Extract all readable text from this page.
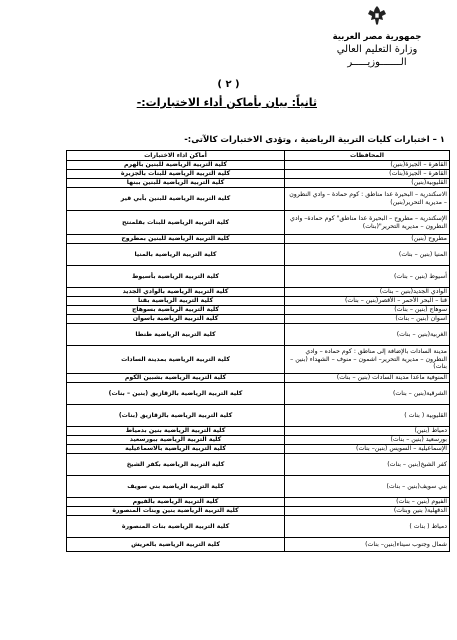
جمهورية مصر العربية
وزارة التعليم العالي
الـــــــوزيـــــر
( ٢ )
ثانياً: بيان بأماكن أداء الاختبارات:-
١ – اختبارات كليات التربية الرياضية ، وتؤدى الاختبارات كالآتى:-
المحافظات	أماكن اداء الاختبارات
القاهرة – الجيزة(بنين)	كلية التربية الرياضية للبنين بالهرم
القاهرة – الجيزة(بنات)	كلية التربية الرياضية للبنات بالجزيرة
القليوبية(بنين)	كلية التربية الرياضية للبنين ببنها
الاسكندرية – البحيرة عدا مناطق : كوم حمادة – وادي النطرون – مديرية التحرير(بنين)	كلية التربية الرياضية للبنين بأبي قير
الإسكندرية – مطروح – البحيرة عدا مناطق" كوم حمادة– وادي النطرون – مديرية التحرير"(بنات)	كلية التربية الرياضية للبنات بقلمنتح
مطروح (بنين)	كلية التربية الرياضية للبنين بمطروح
المنيا (بنين – بنات)	كلية التربية الرياضية بالمنيا
أسيوط (بنين – بنات)	كلية التربية الرياضية بأسيوط
الوادي الجديد(بنين – بنات)	كلية التربية الرياضية بالوادي الجديد
قنا – البحر الأحمر – الأقصر(بنين – بنات)	كلية التربية الرياضية بقنا
سوهاج (بنين – بنات)	كلية التربية الرياضية بسوهاج
اسوان (بنين – بنات)	كلية التربية الرياضية باسوان
الغربية(بنين – بنات)	كلية التربية الرياضية طنطا
مدينة السادات بالإضافة إلى مناطق : كوم حماده – وادي النطرون – مديرية التحرير– اشمون – منوف – الشهداء (بنين – بنات)	كلية التربية الرياضية بمدينة السادات
المنوفية ماعدا مدينة السادات (بنين – بنات)	كلية التربية الرياضية بشبين الكوم
الشرقية(بنين – بنات)	كلية التربية الرياضية بالزقازيق (بنين – بنات)
القليوبية ( بنات )	كلية التربية الرياضية بالزقازيق (بنات)
دمياط (بنين)	كلية التربية الرياضية بنين بدمياط
بورسعيد (بنين – بنات)	كلية التربية الرياضية ببورسعيد
الإسماعيلية – السويس (بنين– بنات)	كلية التربية الرياضية بالاسماعيلية
كفر الشيخ(بنين – بنات)	كلية التربية الرياضية بكفر الشيخ
بني سويف(بنين – بنات)	كلية التربية الرياضية بني سويف
الفيوم (بنين – بنات)	كلية التربية الرياضية بالفيوم
الدقهلية( بنين وبنات)	كلية التربية الرياضية بنين وبنات المنصورة
دمياط ( بنات )	كلية التربية الرياضية بنات المنصورة
شمال وجنوب سيناء(بنين– بنات)	كلية التربية الرياضية بالعريش
